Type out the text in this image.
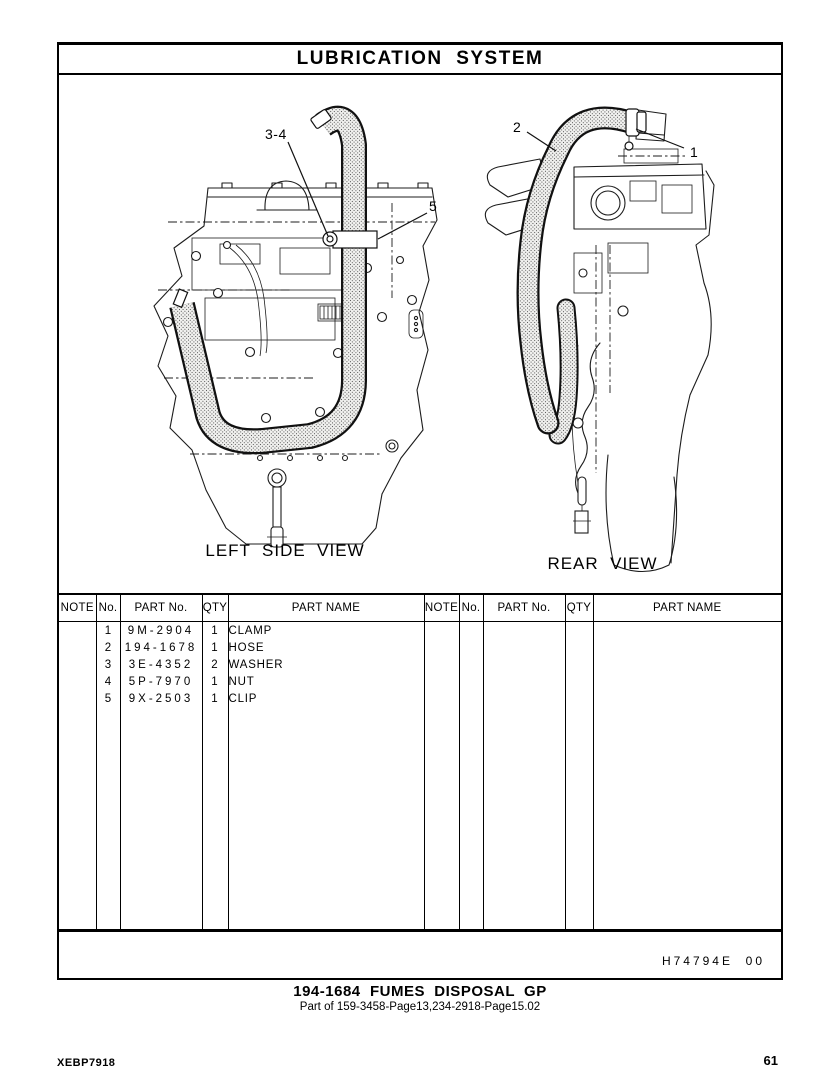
LUBRICATION  SYSTEM
3-4
5
2
1
LEFT  SIDE  VIEW
REAR  VIEW
NOTE	No.	PART No.	QTY	PART NAME	NOTE	No.	PART No.	QTY	PART NAME
	1	9M-2904	1	CLAMP					
	2	194-1678	1	HOSE					
	3	3E-4352	2	WASHER					
	4	5P-7970	1	NUT					
	5	9X-2503	1	CLIP					

H74794E  00
194-1684  FUMES  DISPOSAL  GP
Part of 159-3458-Page13,234-2918-Page15.02
XEBP7918	61
